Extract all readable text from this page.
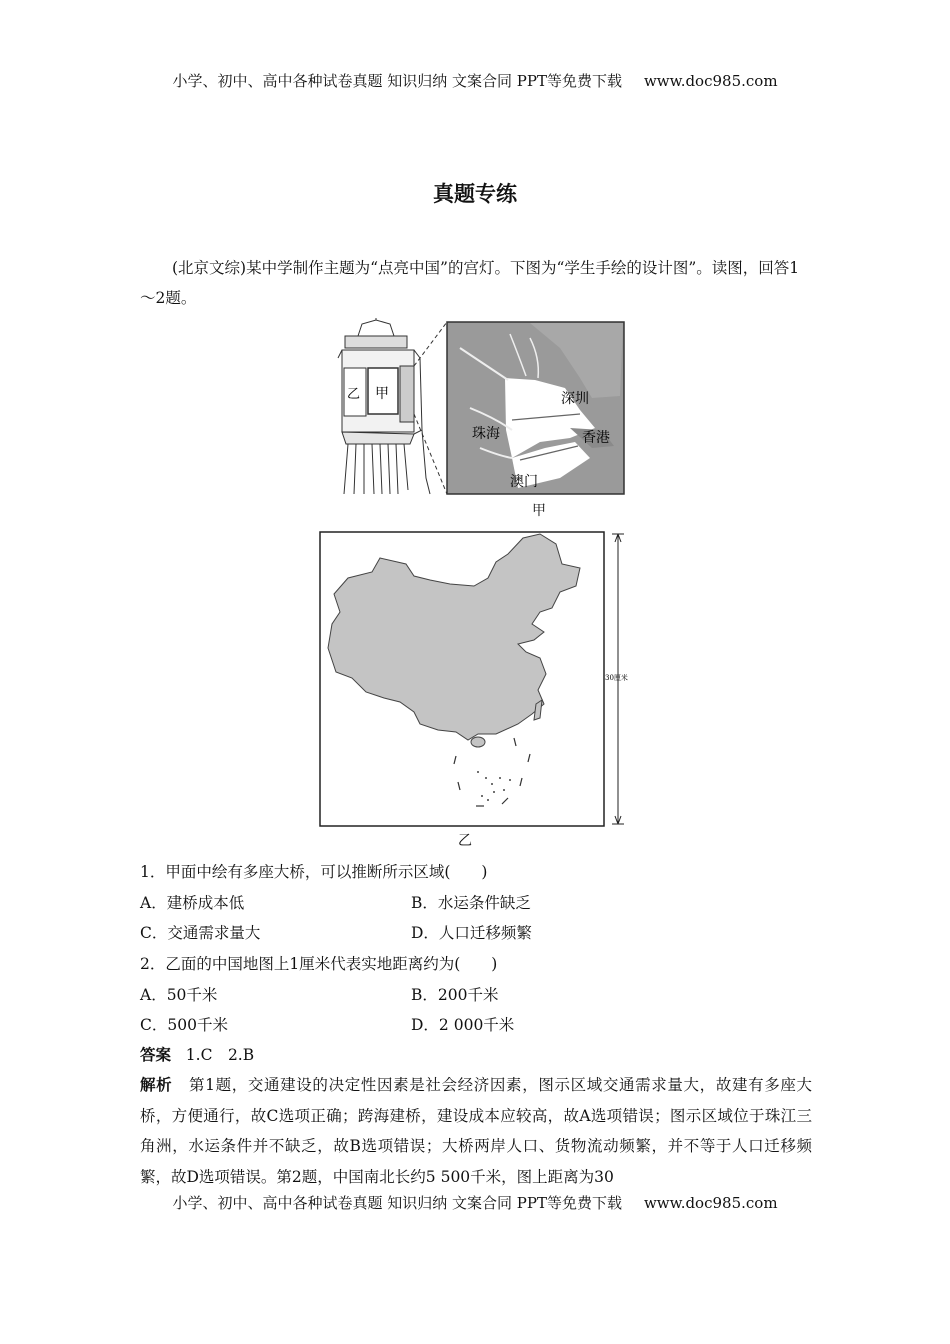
小学、初中、高中各种试卷真题 知识归纳 文案合同 PPT等免费下载 www.doc985.com
真题专练
(北京文综)某中学制作主题为“点亮中国”的宫灯。下图为“学生手绘的设计图”。读图，回答1～2题。
乙 甲	深圳
珠海	香港
澳门
甲
30厘米
乙
1．甲面中绘有多座大桥，可以推断所示区域(　　)
A．建桥成本低	B．水运条件缺乏
C．交通需求量大	D．人口迁移频繁
2．乙面的中国地图上1厘米代表实地距离约为(　　)
A．50千米	B．200千米
C．500千米	D．2 000千米
答案 1.C　2.B
解析 第1题，交通建设的决定性因素是社会经济因素，图示区域交通需求量大，故建有多座大桥，方便通行，故C选项正确；跨海建桥，建设成本应较高，故A选项错误；图示区域位于珠江三角洲，水运条件并不缺乏，故B选项错误；大桥两岸人口、货物流动频繁，并不等于人口迁移频繁，故D选项错误。第2题，中国南北长约5 500千米，图上距离为30
小学、初中、高中各种试卷真题 知识归纳 文案合同 PPT等免费下载 www.doc985.com
